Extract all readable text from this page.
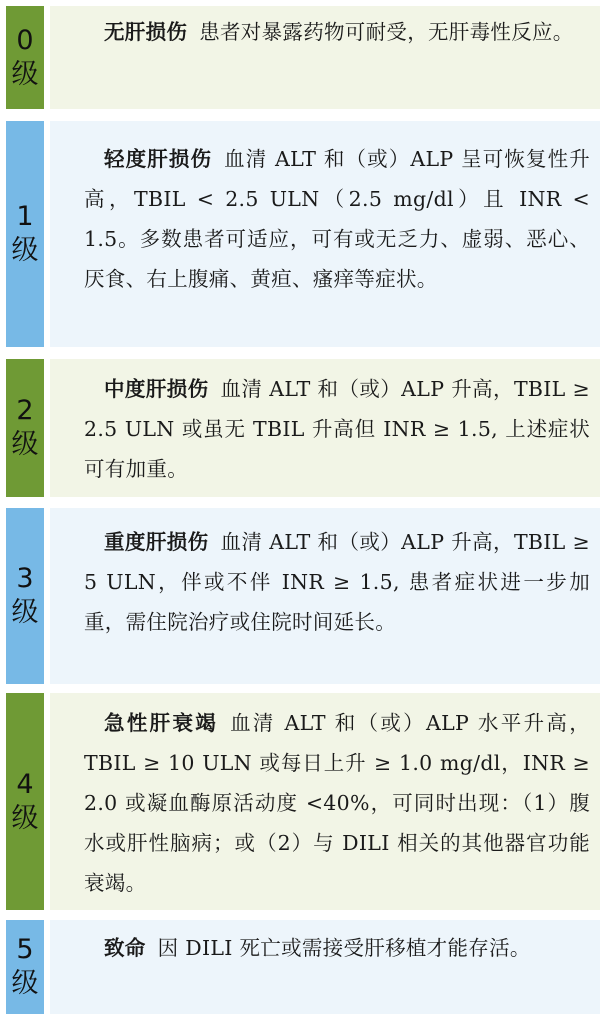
0
级
无肝损伤 患者对暴露药物可耐受，无肝毒性反应。
1
级
轻度肝损伤 血清 ALT 和（或）ALP 呈可恢复性升高，TBIL < 2.5 ULN（2.5 mg/dl）且 INR < 1.5。多数患者可适应，可有或无乏力、虚弱、恶心、厌食、右上腹痛、黄疸、瘙痒等症状。
2
级
中度肝损伤 血清 ALT 和（或）ALP 升高，TBIL ≥ 2.5 ULN 或虽无 TBIL 升高但 INR ≥ 1.5, 上述症状可有加重。
3
级
重度肝损伤 血清 ALT 和（或）ALP 升高，TBIL ≥ 5 ULN，伴或不伴 INR ≥ 1.5, 患者症状进一步加重，需住院治疗或住院时间延长。
4
级
急性肝衰竭 血清 ALT 和（或）ALP 水平升高，TBIL ≥ 10 ULN 或每日上升 ≥ 1.0 mg/dl，INR ≥ 2.0 或凝血酶原活动度 <40%，可同时出现：（1）腹水或肝性脑病；或（2）与 DILI 相关的其他器官功能衰竭。
5
级
致命 因 DILI 死亡或需接受肝移植才能存活。
